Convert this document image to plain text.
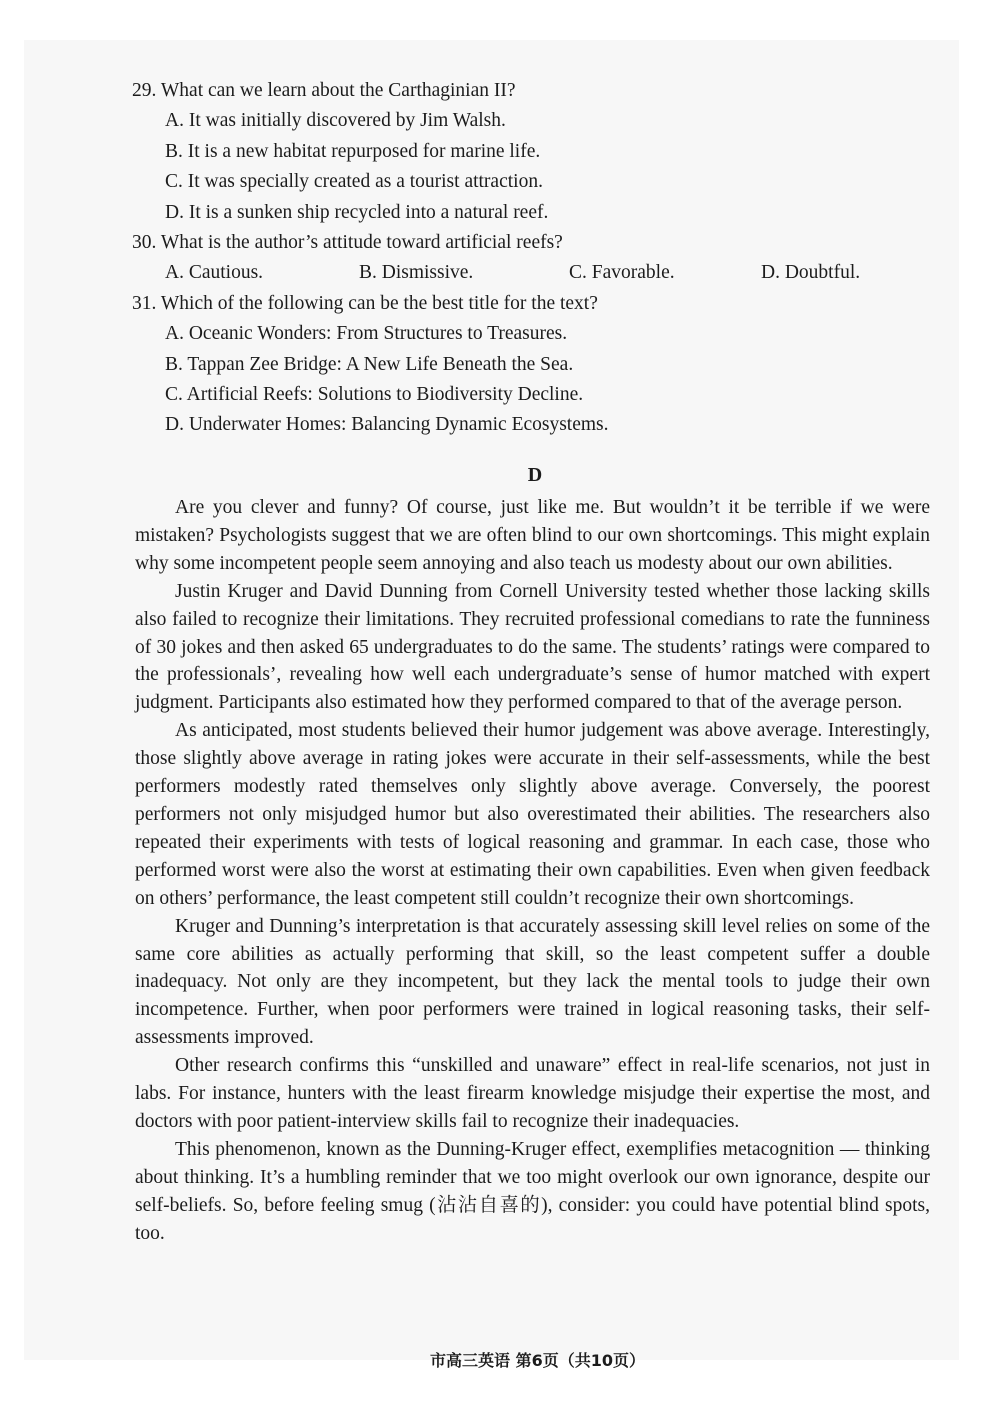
29. What can we learn about the Carthaginian II?
A. It was initially discovered by Jim Walsh.
B. It is a new habitat repurposed for marine life.
C. It was specially created as a tourist attraction.
D. It is a sunken ship recycled into a natural reef.
30. What is the author’s attitude toward artificial reefs?
A. Cautious.	B. Dismissive.	C. Favorable.	D. Doubtful.
31. Which of the following can be the best title for the text?
A. Oceanic Wonders: From Structures to Treasures.
B. Tappan Zee Bridge: A New Life Beneath the Sea.
C. Artificial Reefs: Solutions to Biodiversity Decline.
D. Underwater Homes: Balancing Dynamic Ecosystems.
D

Are you clever and funny? Of course, just like me. But wouldn’t it be terrible if we were mistaken? Psychologists suggest that we are often blind to our own shortcomings. This might explain why some incompetent people seem annoying and also teach us modesty about our own abilities.

Justin Kruger and David Dunning from Cornell University tested whether those lacking skills also failed to recognize their limitations. They recruited professional comedians to rate the funniness of 30 jokes and then asked 65 undergraduates to do the same. The students’ ratings were compared to the professionals’, revealing how well each undergraduate’s sense of humor matched with expert judgment. Participants also estimated how they performed compared to that of the average person.

As anticipated, most students believed their humor judgement was above average. Interestingly, those slightly above average in rating jokes were accurate in their self-assessments, while the best performers modestly rated themselves only slightly above average. Conversely, the poorest performers not only misjudged humor but also overestimated their abilities. The researchers also repeated their experiments with tests of logical reasoning and grammar. In each case, those who performed worst were also the worst at estimating their own capabilities. Even when given feedback on others’ performance, the least competent still couldn’t recognize their own shortcomings.

Kruger and Dunning’s interpretation is that accurately assessing skill level relies on some of the same core abilities as actually performing that skill, so the least competent suffer a double inadequacy. Not only are they incompetent, but they lack the mental tools to judge their own incompetence. Further, when poor performers were trained in logical reasoning tasks, their self-assessments improved.

Other research confirms this “unskilled and unaware” effect in real-life scenarios, not just in labs. For instance, hunters with the least firearm knowledge misjudge their expertise the most, and doctors with poor patient-interview skills fail to recognize their inadequacies.

This phenomenon, known as the Dunning-Kruger effect, exemplifies metacognition — thinking about thinking. It’s a humbling reminder that we too might overlook our own ignorance, despite our self-beliefs. So, before feeling smug (沾沾自喜的), consider: you could have potential blind spots, too.

市高三英语 第6页（共10页）
